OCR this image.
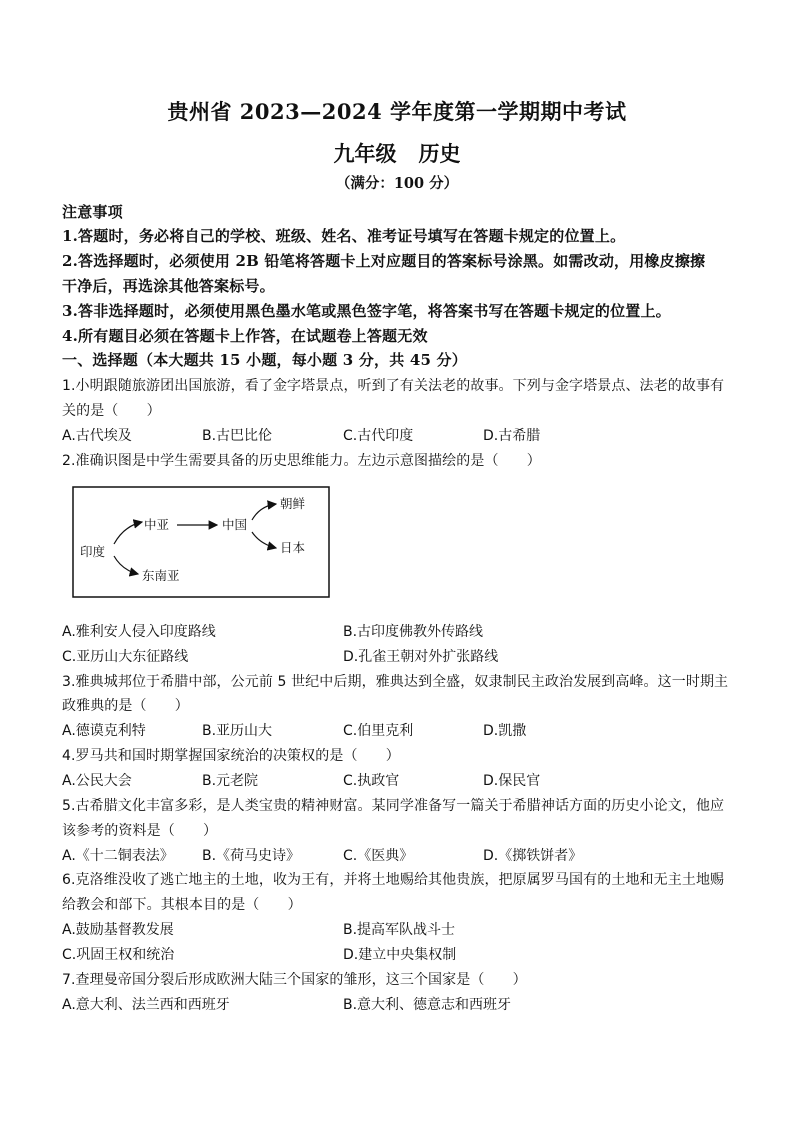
贵州省 2023—2024 学年度第一学期期中考试
九年级 历史
（满分：100 分）
注意事项
1.答题时，务必将自己的学校、班级、姓名、准考证号填写在答题卡规定的位置上。
2.答选择题时，必须使用 2B 铅笔将答题卡上对应题目的答案标号涂黑。如需改动，用橡皮擦擦
干净后，再选涂其他答案标号。
3.答非选择题时，必须使用黑色墨水笔或黑色签字笔，将答案书写在答题卡规定的位置上。
4.所有题目必须在答题卡上作答，在试题卷上答题无效
一、选择题（本大题共 15 小题，每小题 3 分，共 45 分）
1.小明跟随旅游团出国旅游，看了金字塔景点，听到了有关法老的故事。下列与金字塔景点、法老的故事有
关的是（　　）
A.古代埃及	B.古巴比伦	C.古代印度	D.古希腊
2.准确识图是中学生需要具备的历史思维能力。左边示意图描绘的是（　　）
印度
中亚	中国
朝鲜
日本
东南亚
A.雅利安人侵入印度路线	B.古印度佛教外传路线
C.亚历山大东征路线	D.孔雀王朝对外扩张路线
3.雅典城邦位于希腊中部，公元前 5 世纪中后期，雅典达到全盛，奴隶制民主政治发展到高峰。这一时期主
政雅典的是（　　）
A.德谟克利特	B.亚历山大	C.伯里克利	D.凯撒
4.罗马共和国时期掌握国家统治的决策权的是（　　）
A.公民大会	B.元老院	C.执政官	D.保民官
5.古希腊文化丰富多彩，是人类宝贵的精神财富。某同学准备写一篇关于希腊神话方面的历史小论文，他应
该参考的资料是（　　）
A.《十二铜表法》 B.《荷马史诗》	C.《医典》	D.《掷铁饼者》
6.克洛维没收了逃亡地主的土地，收为王有，并将土地赐给其他贵族，把原属罗马国有的土地和无主土地赐
给教会和部下。其根本目的是（　　）
A.鼓励基督教发展	B.提高军队战斗士
C.巩固王权和统治	D.建立中央集权制
7.查理曼帝国分裂后形成欧洲大陆三个国家的雏形，这三个国家是（　　）
A.意大利、法兰西和西班牙	B.意大利、德意志和西班牙
